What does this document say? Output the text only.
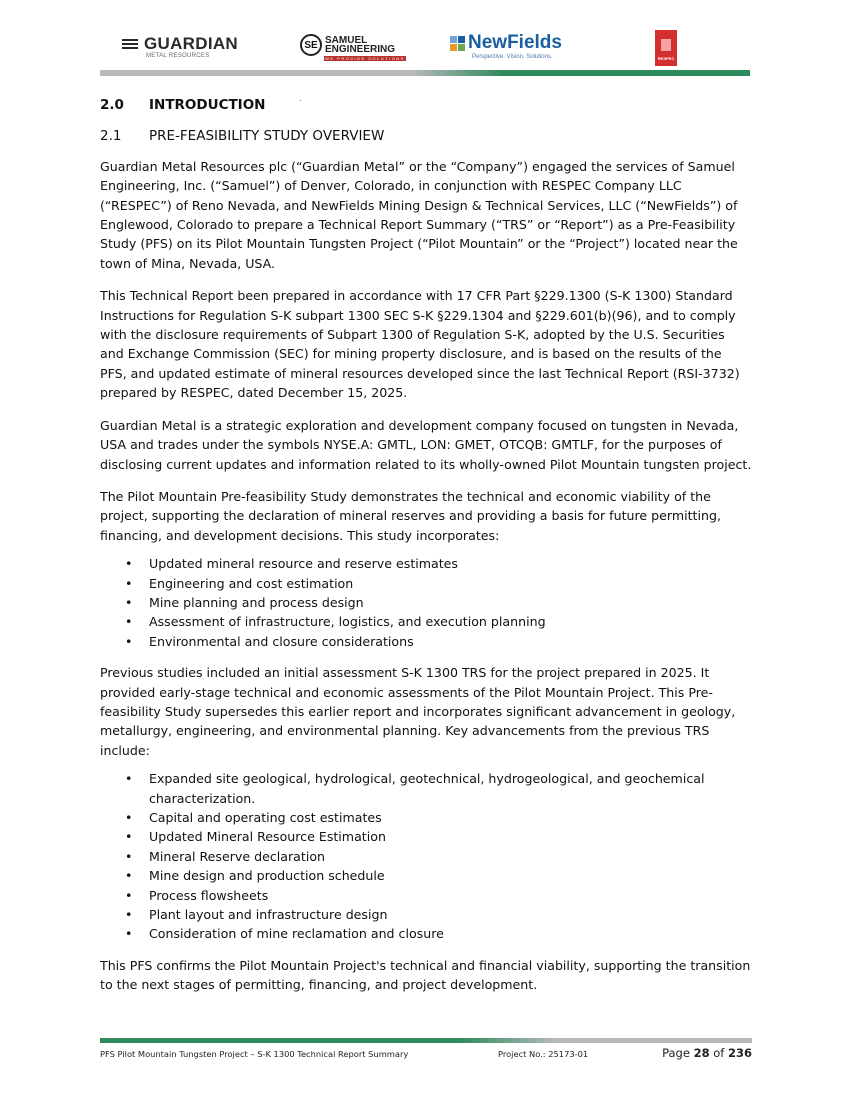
GUARDIAN
METAL RESOURCES
SE SAMUEL
ENGINEERING
WE PROVIDE SOLUTIONS
NewFields
Perspective. Vision. Solutions.	RESPEC
2.0	INTRODUCTION
2.1	PRE-FEASIBILITY STUDY OVERVIEW

Guardian Metal Resources plc (“Guardian Metal” or the “Company”) engaged the services of Samuel Engineering, Inc. (“Samuel”) of Denver, Colorado, in conjunction with RESPEC Company LLC (“RESPEC”) of Reno Nevada, and NewFields Mining Design & Technical Services, LLC (“NewFields”) of Englewood, Colorado to prepare a Technical Report Summary (“TRS” or “Report”) as a Pre-Feasibility Study (PFS) on its Pilot Mountain Tungsten Project (“Pilot Mountain” or the “Project”) located near the town of Mina, Nevada, USA.

This Technical Report been prepared in accordance with 17 CFR Part §229.1300 (S-K 1300) Standard Instructions for Regulation S-K subpart 1300 SEC S-K §229.1304 and §229.601(b)(96), and to comply with the disclosure requirements of Subpart 1300 of Regulation S-K, adopted by the U.S. Securities and Exchange Commission (SEC) for mining property disclosure, and is based on the results of the PFS, and updated estimate of mineral resources developed since the last Technical Report (RSI-3732) prepared by RESPEC, dated December 15, 2025.

Guardian Metal is a strategic exploration and development company focused on tungsten in Nevada, USA and trades under the symbols NYSE.A: GMTL, LON: GMET, OTCQB: GMTLF, for the purposes of disclosing current updates and information related to its wholly-owned Pilot Mountain tungsten project.

The Pilot Mountain Pre-feasibility Study demonstrates the technical and economic viability of the project, supporting the declaration of mineral reserves and providing a basis for future permitting, financing, and development decisions. This study incorporates:

• Updated mineral resource and reserve estimates
• Engineering and cost estimation
• Mine planning and process design
• Assessment of infrastructure, logistics, and execution planning
• Environmental and closure considerations

Previous studies included an initial assessment S-K 1300 TRS for the project prepared in 2025. It provided early-stage technical and economic assessments of the Pilot Mountain Project. This Pre-feasibility Study supersedes this earlier report and incorporates significant advancement in geology, metallurgy, engineering, and environmental planning. Key advancements from the previous TRS include:

• Expanded site geological, hydrological, geotechnical, hydrogeological, and geochemical characterization.
• Capital and operating cost estimates
• Updated Mineral Resource Estimation
• Mineral Reserve declaration
• Mine design and production schedule
• Process flowsheets
• Plant layout and infrastructure design
• Consideration of mine reclamation and closure

This PFS confirms the Pilot Mountain Project's technical and financial viability, supporting the transition to the next stages of permitting, financing, and project development.

PFS Pilot Mountain Tungsten Project – S-K 1300 Technical Report Summary	Project No.: 25173-01	Page 28 of 236
